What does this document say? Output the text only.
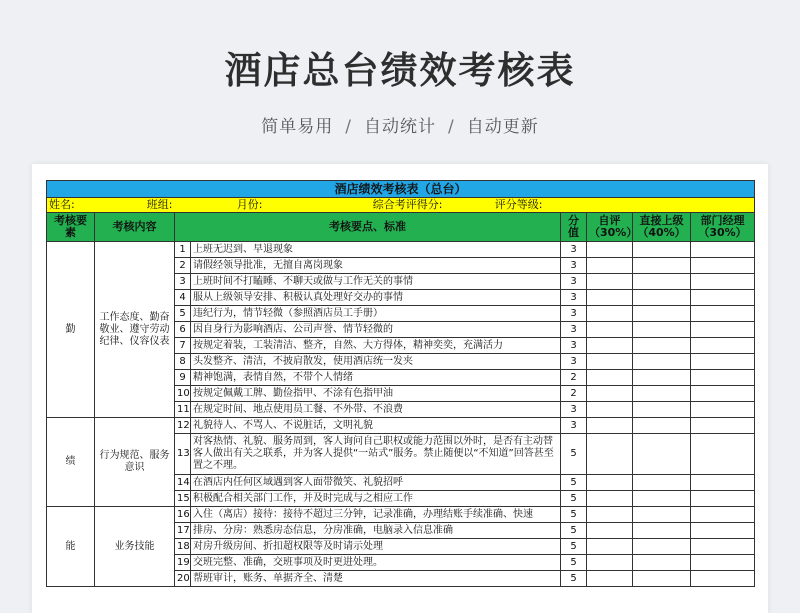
酒店总台绩效考核表
简单易用 / 自动统计 / 自动更新
酒店绩效考核表（总台）							
姓名:	班组:		月份: 综合考评得分: 评分等级:				
考核要素	考核内容	考核要点、标准		分值	自评（30%）	直接上级（40%）	部门经理（30%）
勤	工作态度、勤奋敬业、遵守劳动纪律、仪容仪表	1	上班无迟到、早退现象	3			
		2	请假经领导批准，无擅自离岗现象	3			
		3	上班时间不打瞌睡、不聊天或做与工作无关的事情	3			
		4	服从上级领导安排、积极认真处理好交办的事情	3			
		5	违纪行为，情节轻微（参照酒店员工手册）	3			
		6	因自身行为影响酒店、公司声誉、情节轻微的	3			
		7	按规定着装，工装清洁、整齐，自然、大方得体，精神奕奕，充满活力	3			
		8	头发整齐、清洁，不披肩散发，使用酒店统一发夹	3			
		9	精神饱满，表情自然，不带个人情绪	2			
		10	按规定佩戴工牌、勤俭指甲、不涂有色指甲油	2			
		11	在规定时间、地点使用员工餐、不外带、不浪费	3			
绩	行为规范、服务意识	12	礼貌待人、不骂人、不说脏话，文明礼貌	3			
		13	对客热情、礼貌、服务周到，客人询问自己职权或能力范围以外时，是否有主动替客人做出有关之联系，并为客人提供“一站式”服务。禁止随便以“不知道”回答甚至置之不理。	5			
		14	在酒店内任何区域遇到客人面带微笑、礼貌招呼	5			
		15	积极配合相关部门工作，并及时完成与之相应工作	5			
能	业务技能	16	入住（离店）接待：接待不超过三分钟，记录准确，办理结账手续准确、快速	5			
		17	排房、分房：熟悉房态信息，分房准确，电脑录入信息准确	5			
		18	对房升级房间、折扣超权限等及时请示处理	5			
		19	交班完整、准确，交班事项及时更进处理。	5			
		20	帮班审计，账务、单据齐全、清楚	5			
